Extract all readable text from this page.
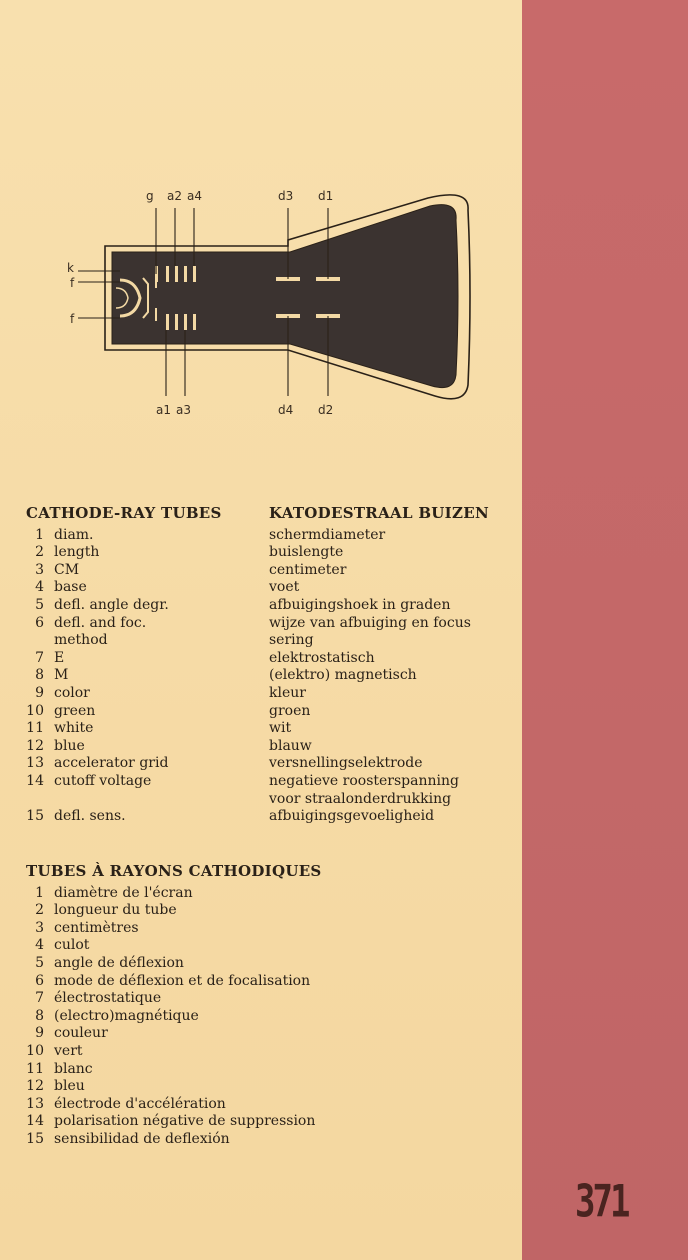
g a2 a4	d3 d1
k
f
f
a1 a3	d4 d2

CATHODE-RAY TUBES

1 diam.
2 length
3 CM
4 base
5 defl. angle degr.
6 defl. and foc.
method
7 E
8 M
9 color
10 green
11 white
12 blue
13 accelerator grid
14 cutoff voltage
15 defl. sens.

KATODESTRAAL BUIZEN

schermdiameter
buislengte
centimeter
voet
afbuigingshoek in graden
wijze van afbuiging en focus
sering
elektrostatisch
(elektro) magnetisch
kleur
groen
wit
blauw
versnellingselektrode
negatieve roosterspanning
voor straalonderdrukking
afbuigingsgevoeligheid

TUBES À RAYONS CATHODIQUES

1 diamètre de l'écran
2 longueur du tube
3 centimètres
4 culot
5 angle de déflexion
6 mode de déflexion et de focalisation
7 électrostatique
8 (electro)magnétique
9 couleur
10 vert
11 blanc
12 bleu
13 électrode d'accélération
14 polarisation négative de suppression
15 sensibilidad de deflexión
371
